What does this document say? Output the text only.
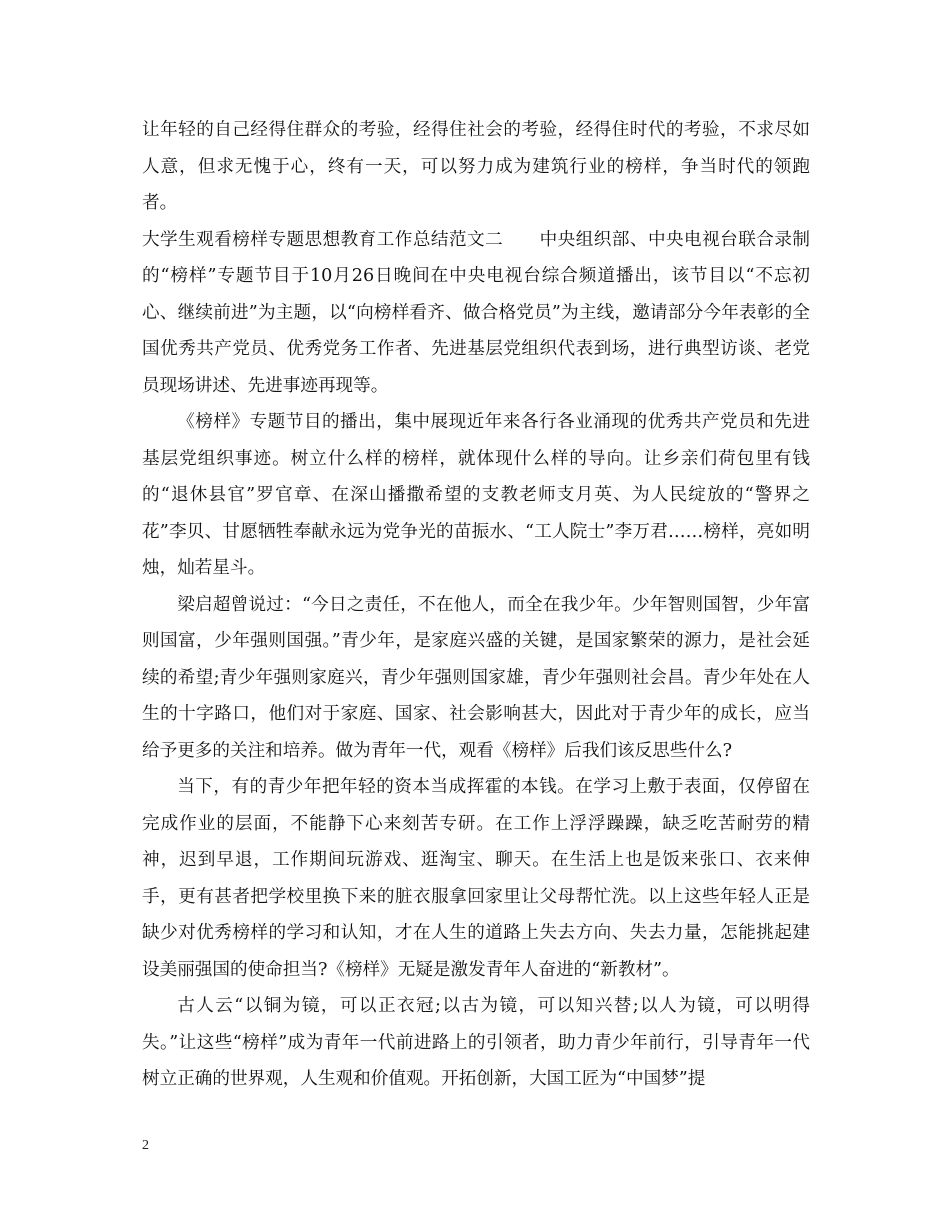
让年轻的自己经得住群众的考验，经得住社会的考验，经得住时代的考验，不求尽如人意，但求无愧于心，终有一天，可以努力成为建筑行业的榜样，争当时代的领跑者。

大学生观看榜样专题思想教育工作总结范文二 中央组织部、中央电视台联合录制的“榜样”专题节目于10月26日晚间在中央电视台综合频道播出，该节目以“不忘初心、继续前进”为主题，以“向榜样看齐、做合格党员”为主线，邀请部分今年表彰的全国优秀共产党员、优秀党务工作者、先进基层党组织代表到场，进行典型访谈、老党员现场讲述、先进事迹再现等。

《榜样》专题节目的播出，集中展现近年来各行各业涌现的优秀共产党员和先进基层党组织事迹。树立什么样的榜样，就体现什么样的导向。让乡亲们荷包里有钱的“退休县官”罗官章、在深山播撒希望的支教老师支月英、为人民绽放的“警界之花”李贝、甘愿牺牲奉献永远为党争光的苗振水、“工人院士”李万君……榜样，亮如明烛，灿若星斗。

梁启超曾说过：“今日之责任，不在他人，而全在我少年。少年智则国智，少年富则国富，少年强则国强。”青少年，是家庭兴盛的关键，是国家繁荣的源力，是社会延续的希望;青少年强则家庭兴，青少年强则国家雄，青少年强则社会昌。青少年处在人生的十字路口，他们对于家庭、国家、社会影响甚大，因此对于青少年的成长，应当给予更多的关注和培养。做为青年一代，观看《榜样》后我们该反思些什么?

当下，有的青少年把年轻的资本当成挥霍的本钱。在学习上敷于表面，仅停留在完成作业的层面，不能静下心来刻苦专研。在工作上浮浮躁躁，缺乏吃苦耐劳的精神，迟到早退，工作期间玩游戏、逛淘宝、聊天。在生活上也是饭来张口、衣来伸手，更有甚者把学校里换下来的脏衣服拿回家里让父母帮忙洗。以上这些年轻人正是缺少对优秀榜样的学习和认知，才在人生的道路上失去方向、失去力量，怎能挑起建设美丽强国的使命担当?《榜样》无疑是激发青年人奋进的“新教材”。

古人云“以铜为镜，可以正衣冠;以古为镜，可以知兴替;以人为镜，可以明得失。”让这些“榜样”成为青年一代前进路上的引领者，助力青少年前行，引导青年一代树立正确的世界观，人生观和价值观。开拓创新，大国工匠为“中国梦”提

2
